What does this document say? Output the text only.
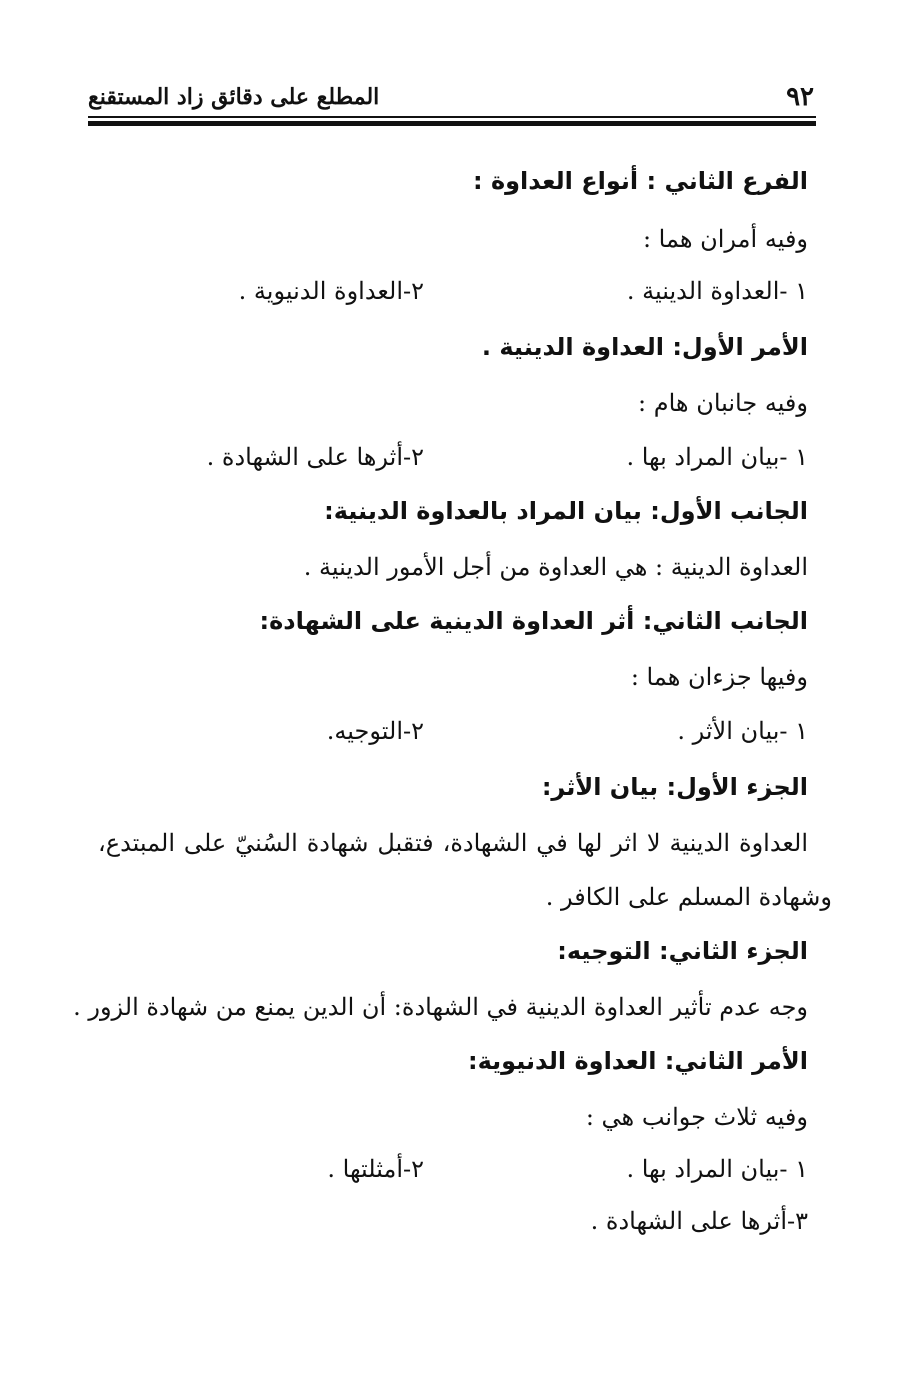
٩٢
المطلع على دقائق زاد المستقنع
الفرع الثاني : أنواع العداوة :
وفيه أمران هما :
١ -العداوة الدينية .
٢-العداوة الدنيوية .
الأمر الأول: العداوة الدينية .
وفيه جانبان هام :
١ -بيان المراد بها .
٢-أثرها على الشهادة .
الجانب الأول: بيان المراد بالعداوة الدينية:
العداوة الدينية : هي العداوة من أجل الأمور الدينية .
الجانب الثاني: أثر العداوة الدينية على الشهادة:
وفيها جزءان هما :
١ -بيان الأثر .
٢-التوجيه.
الجزء الأول: بيان الأثر:
العداوة الدينية لا اثر لها في الشهادة، فتقبل شهادة السُنيّ على المبتدع،
وشهادة المسلم على الكافر .
الجزء الثاني: التوجيه:
وجه عدم تأثير العداوة الدينية في الشهادة: أن الدين يمنع من شهادة الزور .
الأمر الثاني: العداوة الدنيوية:
وفيه ثلاث جوانب هي :
١ -بيان المراد بها .
٢-أمثلتها .
٣-أثرها على الشهادة .
